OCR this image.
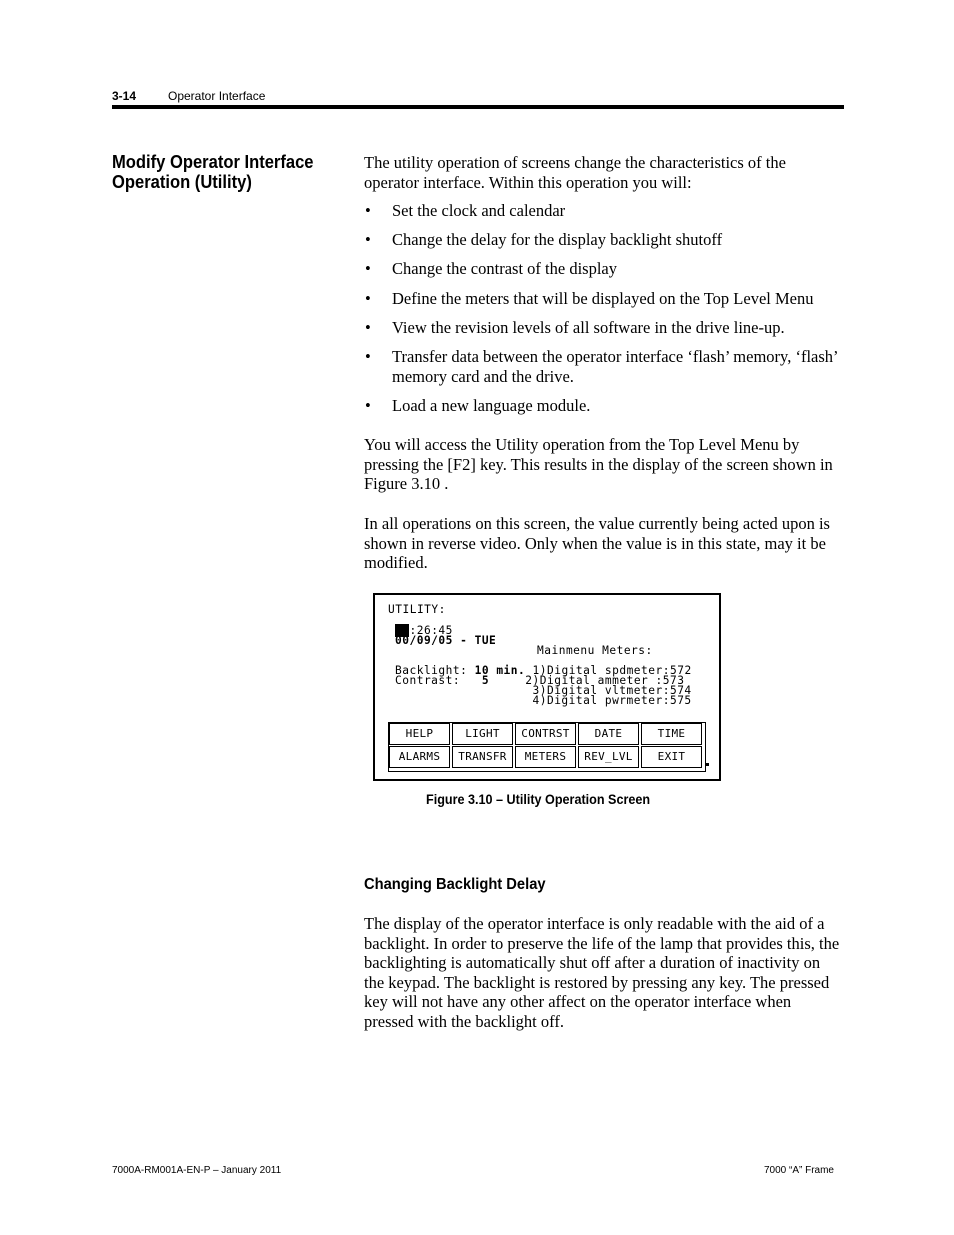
3-14	Operator Interface
Modify Operator Interface Operation (Utility)
The utility operation of screens change the characteristics of the operator interface. Within this operation you will:
• Set the clock and calendar
• Change the delay for the display backlight shutoff
• Change the contrast of the display
• Define the meters that will be displayed on the Top Level Menu
• View the revision levels of all software in the drive line-up.
• Transfer data between the operator interface ‘flash’ memory, ‘flash’ memory card and the drive.
• Load a new language module.
You will access the Utility operation from the Top Level Menu by pressing the [F2] key. This results in the display of the screen shown in Figure 3.10 .
In all operations on this screen, the value currently being acted upon is shown in reverse video. Only when the value is in this state, may it be modified.
UTILITY:
11:26:45
00/09/05 - TUE
Mainmenu Meters:
Backlight: 10 min. 1)Digital spdmeter:572
Contrast: 5	2)Digital ammeter :573
3)Digital vltmeter:574
4)Digital pwrmeter:575
HELP	LIGHT	CONTRST	DATE	TIME
ALARMS	TRANSFR	METERS	REV_LVL	EXIT
Figure 3.10 – Utility Operation Screen
Changing Backlight Delay
The display of the operator interface is only readable with the aid of a backlight. In order to preserve the life of the lamp that provides this, the backlighting is automatically shut off after a duration of inactivity on the keypad. The backlight is restored by pressing any key. The pressed key will not have any other affect on the operator interface when pressed with the backlight off.
7000A-RM001A-EN-P – January 2011	7000 “A” Frame
